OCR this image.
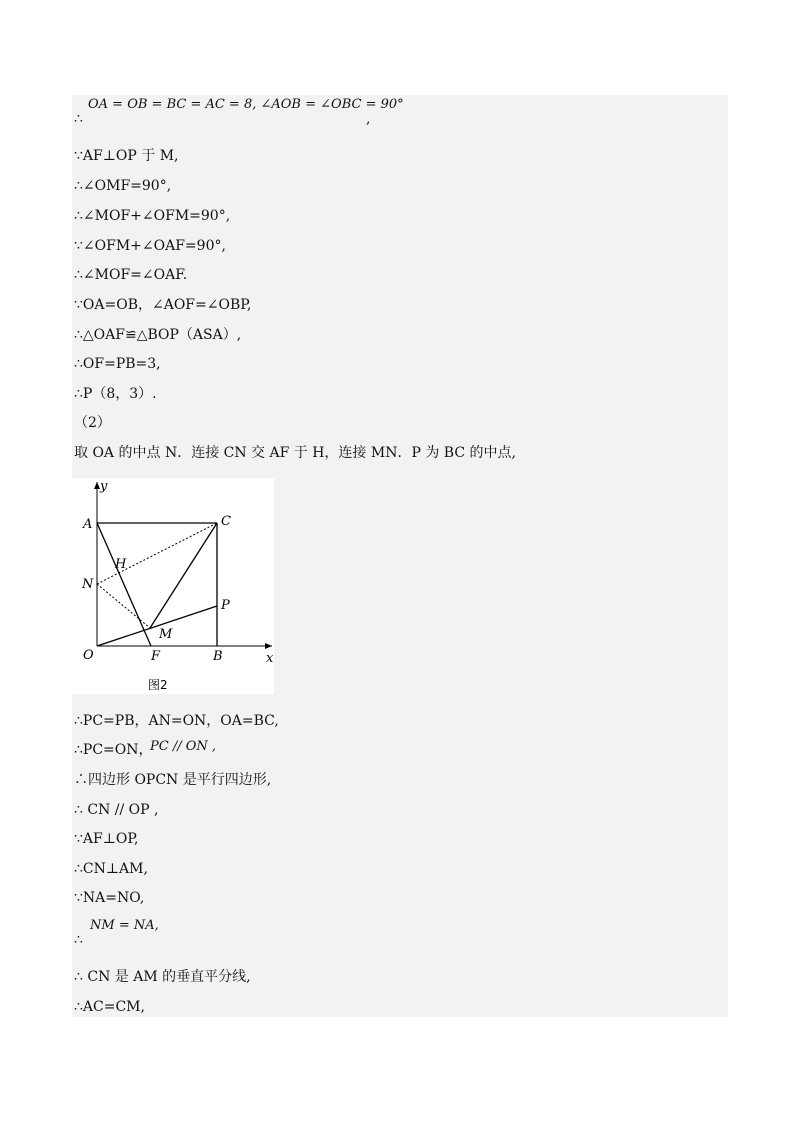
OA = OB = BC = AC = 8, ∠AOB = ∠OBC = 90°
∴	,
∵AF⊥OP 于 M,
∴∠OMF=90°,
∴∠MOF+∠OFM=90°,
∵∠OFM+∠OAF=90°,
∴∠MOF=∠OAF.
∵OA=OB，∠AOF=∠OBP,
∴△OAF≌△BOP（ASA）,
∴OF=PB=3,
∴P（8，3）.
（2）
取 OA 的中点 N．连接 CN 交 AF 于 H，连接 MN．P 为 BC 的中点,
y
x
A	C
H
N
P
M
O	F	B
图2
∴PC=PB，AN=ON，OA=BC,
∴PC=ON，
PC // ON ,
∴四边形 OPCN 是平行四边形,
∴ CN // OP ,
∵AF⊥OP,
∴CN⊥AM,
∵NA=NO,
NM = NA,
∴
∴ CN 是 AM 的垂直平分线,
∴AC=CM,
